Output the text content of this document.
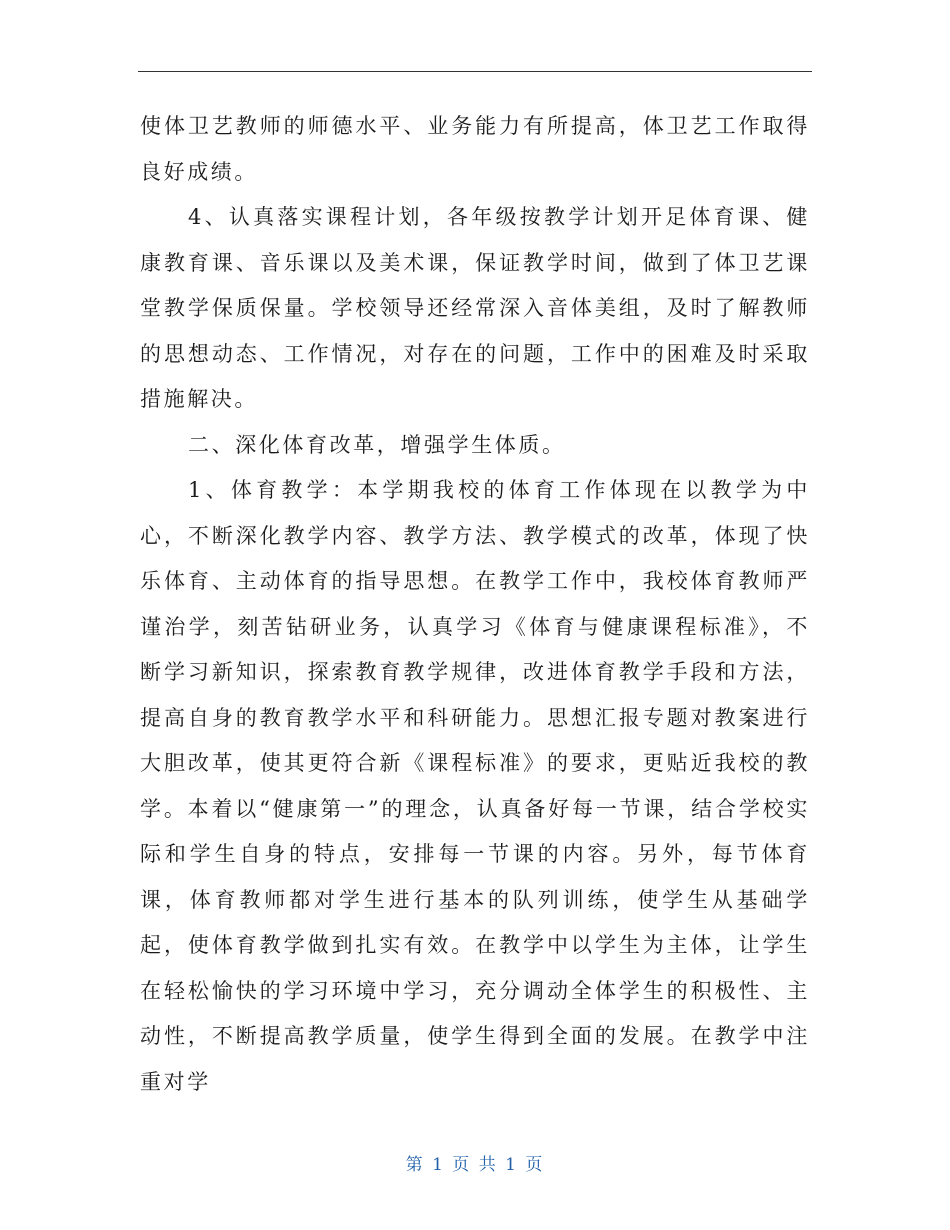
使体卫艺教师的师德水平、业务能力有所提高，体卫艺工作取得良好成绩。

4、认真落实课程计划，各年级按教学计划开足体育课、健康教育课、音乐课以及美术课，保证教学时间，做到了体卫艺课堂教学保质保量。学校领导还经常深入音体美组，及时了解教师的思想动态、工作情况，对存在的问题，工作中的困难及时采取措施解决。

二、深化体育改革，增强学生体质。

1、体育教学：本学期我校的体育工作体现在以教学为中心，不断深化教学内容、教学方法、教学模式的改革，体现了快乐体育、主动体育的指导思想。在教学工作中，我校体育教师严谨治学，刻苦钻研业务，认真学习《体育与健康课程标准》，不断学习新知识，探索教育教学规律，改进体育教学手段和方法，提高自身的教育教学水平和科研能力。思想汇报专题对教案进行大胆改革，使其更符合新《课程标准》的要求，更贴近我校的教学。本着以“健康第一”的理念，认真备好每一节课，结合学校实际和学生自身的特点，安排每一节课的内容。另外，每节体育课，体育教师都对学生进行基本的队列训练，使学生从基础学起，使体育教学做到扎实有效。在教学中以学生为主体，让学生在轻松愉快的学习环境中学习，充分调动全体学生的积极性、主动性，不断提高教学质量，使学生得到全面的发展。在教学中注重对学

第 1 页 共 1 页
